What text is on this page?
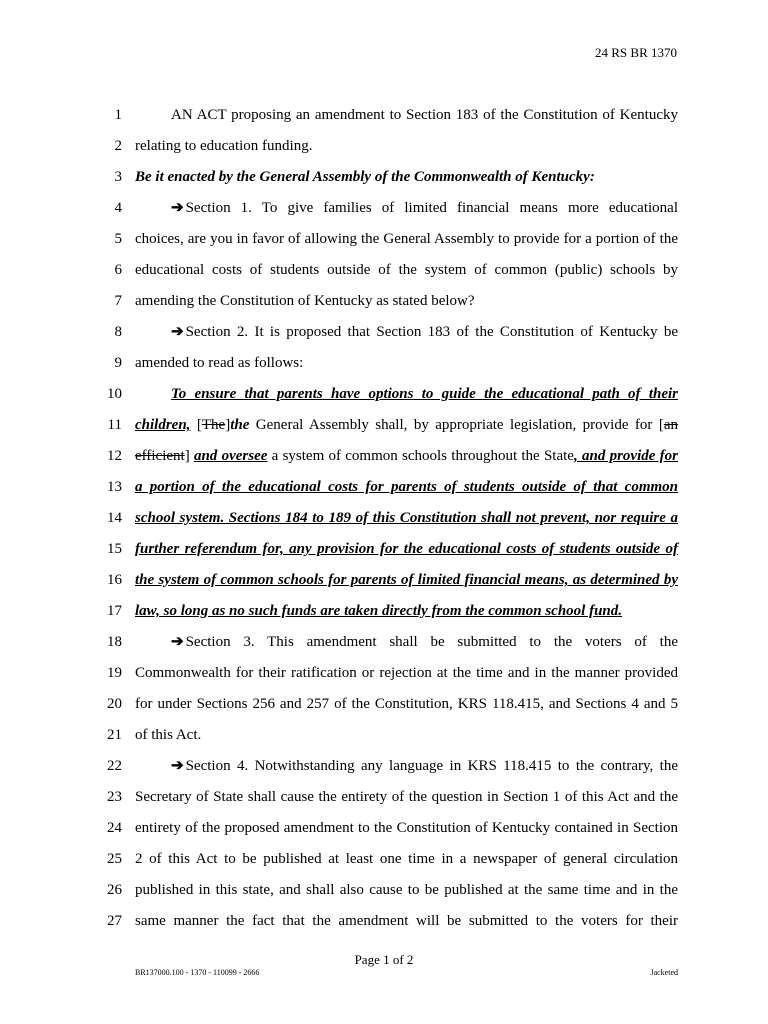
24 RS BR 1370
1	AN ACT proposing an amendment to Section 183 of the Constitution of Kentucky
2 relating to education funding.
3 Be it enacted by the General Assembly of the Commonwealth of Kentucky:
4	➔ Section 1. To give families of limited financial means more educational
5 choices, are you in favor of allowing the General Assembly to provide for a portion of the
6 educational costs of students outside of the system of common (public) schools by
7 amending the Constitution of Kentucky as stated below?
8	➔ Section 2. It is proposed that Section 183 of the Constitution of Kentucky be
9 amended to read as follows:
10	To ensure that parents have options to guide the educational path of their
11 children, [The]the General Assembly shall, by appropriate legislation, provide for [an
12 efficient] and oversee a system of common schools throughout the State, and provide for
13 a portion of the educational costs for parents of students outside of that common
14 school system. Sections 184 to 189 of this Constitution shall not prevent, nor require a
15 further referendum for, any provision for the educational costs of students outside of
16 the system of common schools for parents of limited financial means, as determined by
17 law, so long as no such funds are taken directly from the common school fund.
18	➔ Section 3. This amendment shall be submitted to the voters of the
19 Commonwealth for their ratification or rejection at the time and in the manner provided
20 for under Sections 256 and 257 of the Constitution, KRS 118.415, and Sections 4 and 5
21 of this Act.
22	➔ Section 4. Notwithstanding any language in KRS 118.415 to the contrary, the
23 Secretary of State shall cause the entirety of the question in Section 1 of this Act and the
24 entirety of the proposed amendment to the Constitution of Kentucky contained in Section
25 2 of this Act to be published at least one time in a newspaper of general circulation
26 published in this state, and shall also cause to be published at the same time and in the
27 same manner the fact that the amendment will be submitted to the voters for their
Page 1 of 2
BR137000.100 - 1370 - 110099 - 2666	Jacketed
